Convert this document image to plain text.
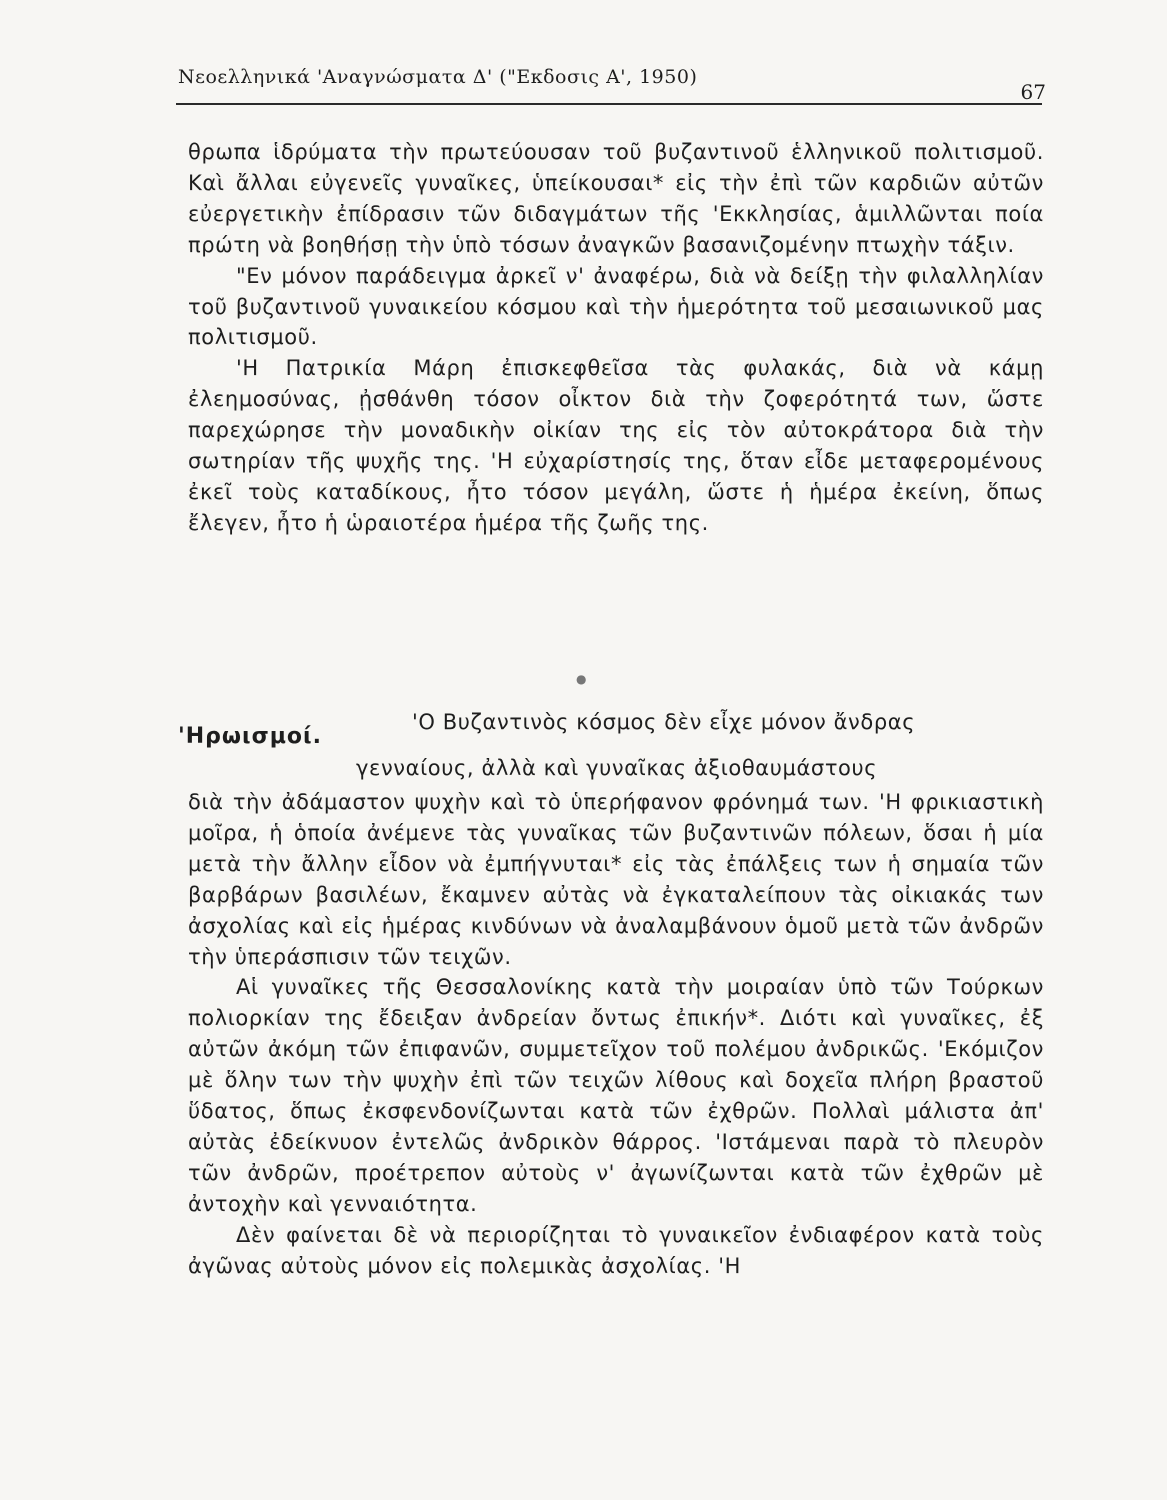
Νεοελληνικά 'Αναγνώσματα Δ' ("Εκδοσις Α', 1950)
67

θρωπα ἱδρύματα τὴν πρωτεύουσαν τοῦ βυζαντινοῦ ἑλληνικοῦ πολιτισμοῦ. Καὶ ἄλλαι εὐγενεῖς γυναῖκες, ὑπείκουσαι* εἰς τὴν ἐπὶ τῶν καρδιῶν αὐτῶν εὐεργετικὴν ἐπίδρασιν τῶν διδαγμάτων τῆς 'Εκκλησίας, ἁμιλλῶνται ποία πρώτη νὰ βοηθήσῃ τὴν ὑπὸ τόσων ἀναγκῶν βασανιζομένην πτωχὴν τάξιν.

"Εν μόνον παράδειγμα ἀρκεῖ ν' ἀναφέρω, διὰ νὰ δείξῃ τὴν φιλαλληλίαν τοῦ βυζαντινοῦ γυναικείου κόσμου καὶ τὴν ἡμερότητα τοῦ μεσαιωνικοῦ μας πολιτισμοῦ.

'Η Πατρικία Μάρη ἐπισκεφθεῖσα τὰς φυλακάς, διὰ νὰ κάμῃ ἐλεημοσύνας, ᾐσθάνθη τόσον οἶκτον διὰ τὴν ζοφερότητά των, ὥστε παρεχώρησε τὴν μοναδικὴν οἰκίαν της εἰς τὸν αὐτοκράτορα διὰ τὴν σωτηρίαν τῆς ψυχῆς της. 'Η εὐχαρίστησίς της, ὅταν εἶδε μεταφερομένους ἐκεῖ τοὺς καταδίκους, ἦτο τόσον μεγάλη, ὥστε ἡ ἡμέρα ἐκείνη, ὅπως ἔλεγεν, ἦτο ἡ ὡραιοτέρα ἡμέρα τῆς ζωῆς της.

●
'Ηρωισμοί.
'Ο Βυζαντινὸς κόσμος δὲν εἶχε μόνον ἄνδρας
γενναίους, ἀλλὰ καὶ γυναῖκας ἀξιοθαυμάστους

διὰ τὴν ἀδάμαστον ψυχὴν καὶ τὸ ὑπερήφανον φρόνημά των. 'Η φρικιαστικὴ μοῖρα, ἡ ὁποία ἀνέμενε τὰς γυναῖκας τῶν βυζαντινῶν πόλεων, ὅσαι ἡ μία μετὰ τὴν ἄλλην εἶδον νὰ ἐμπήγνυται* εἰς τὰς ἐπάλξεις των ἡ σημαία τῶν βαρβάρων βασιλέων, ἔκαμνεν αὐτὰς νὰ ἐγκαταλείπουν τὰς οἰκιακάς των ἀσχολίας καὶ εἰς ἡμέρας κινδύνων νὰ ἀναλαμβάνουν ὁμοῦ μετὰ τῶν ἀνδρῶν τὴν ὑπεράσπισιν τῶν τειχῶν.

Αἱ γυναῖκες τῆς Θεσσαλονίκης κατὰ τὴν μοιραίαν ὑπὸ τῶν Τούρκων πολιορκίαν της ἔδειξαν ἀνδρείαν ὄντως ἐπικήν*. Διότι καὶ γυναῖκες, ἐξ αὐτῶν ἀκόμη τῶν ἐπιφανῶν, συμμετεῖχον τοῦ πολέμου ἀνδρικῶς. 'Εκόμιζον μὲ ὅλην των τὴν ψυχὴν ἐπὶ τῶν τειχῶν λίθους καὶ δοχεῖα πλήρη βραστοῦ ὕδατος, ὅπως ἐκσφενδονίζωνται κατὰ τῶν ἐχθρῶν. Πολλαὶ μάλιστα ἀπ' αὐτὰς ἐδείκνυον ἐντελῶς ἀνδρικὸν θάρρος. 'Ιστάμεναι παρὰ τὸ πλευρὸν τῶν ἀνδρῶν, προέτρεπον αὐτοὺς ν' ἀγωνίζωνται κατὰ τῶν ἐχθρῶν μὲ ἀντοχὴν καὶ γενναιότητα.

Δὲν φαίνεται δὲ νὰ περιορίζηται τὸ γυναικεῖον ἐνδιαφέρον κατὰ τοὺς ἀγῶνας αὐτοὺς μόνον εἰς πολεμικὰς ἀσχολίας. 'Η
